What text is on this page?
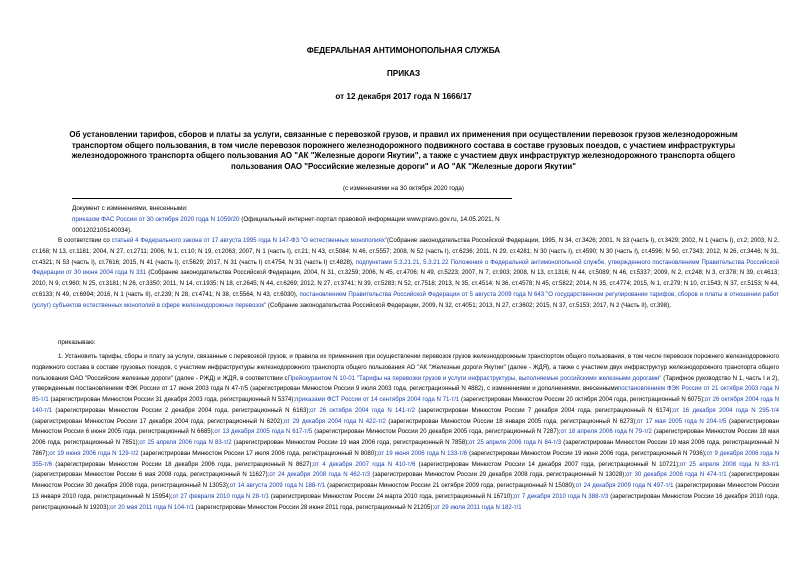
ФЕДЕРАЛЬНАЯ АНТИМОНОПОЛЬНАЯ СЛУЖБА
ПРИКАЗ
от 12 декабря 2017 года N 1666/17
Об установлении тарифов, сборов и платы за услуги, связанные с перевозкой грузов, и правил их применения при осуществлении перевозок грузов железнодорожным транспортом общего пользования, в том числе перевозок порожнего железнодорожного подвижного состава в составе грузовых поездов, с участием инфраструктуры железнодорожного транспорта общего пользования АО "АК "Железные дороги Якутии", а также с участием двух инфраструктур железнодорожного транспорта общего пользования ОАО "Российские железные дороги" и АО "АК "Железные дороги Якутии"
(с изменениями на 30 октября 2020 года)
Документ с изменениями, внесенными:
приказом ФАС России от 30 октября 2020 года N 1059/20 (Официальный интернет-портал правовой информации www.pravo.gov.ru, 14.05.2021, N 0001202105140034).
В соответствии со статьей 4 Федерального закона от 17 августа 1995 года N 147-ФЗ "О естественных монополиях"(Собрание законодательства Российской Федерации, 1995, N 34, ст.3426; 2001, N 33 (часть I), ст.3429; 2002, N 1 (часть I), ст.2; 2003, N 2, ст.168; N 13, ст.1181; 2004, N 27, ст.2711; 2006, N 1, ст.10; N 19, ст.2063; 2007, N 1 (часть I), ст.21; N 43, ст.5084; N 46, ст.5557; 2008, N 52 (часть I), ст.6236; 2011, N 29, ст.4281; N 30 (часть I), ст.4590; N 30 (часть I), ст.4596; N 50, ст.7343; 2012, N 26, ст.3446; N 31, ст.4321; N 53 (часть I), ст.7616; 2015, N 41 (часть I), ст.5629; 2017, N 31 (часть I) ст.4754, N 31 (часть I) ст.4828), подпунктами 5.3.21.21, 5.3.21.22 Положения о Федеральной антимонопольной службе, утвержденного постановлением Правительства Российской Федерации от 30 июня 2004 года N 331 (Собрание законодательства Российской Федерации, 2004, N 31, ст.3259; 2006, N 45, ст.4706; N 49, ст.5223; 2007, N 7, ст.903; 2008, N 13, ст.1316; N 44, ст.5089; N 46, ст.5337; 2009, N 2, ст.248; N 3, ст.378; N 39, ст.4613; 2010, N 9, ст.960; N 25, ст.3181; N 26, ст.3350; 2011, N 14, ст.1935; N 18, ст.2645; N 44, ст.6269; 2012, N 27, ст.3741; N 39, ст.5283; N 52, ст.7518; 2013, N 35, ст.4514; N 36, ст.4578; N 45, ст.5822; 2014, N 35, ст.4774; 2015, N 1, ст.279; N 10, ст.1543; N 37, ст.5153; N 44, ст.6133; N 49, ст.6994; 2016, N 1 (часть II), ст.239; N 28, ст.4741; N 38, ст.5564, N 43, ст.6030), постановлением Правительства Российской Федерации от 5 августа 2009 года N 643 "О государственном регулировании тарифов, сборов и платы в отношении работ (услуг) субъектов естественных монополий в сфере железнодорожных перевозок" (Собрание законодательства Российской Федерации, 2009, N 32, ст.4051; 2013, N 27, ст.3602; 2015, N 37, ст.5153; 2017, N 2 (Часть II), ст.398),
приказываю:
1. Установить тарифы, сборы и плату за услуги, связанные с перевозкой грузов, и правила их применения при осуществлении перевозок грузов железнодорожным транспортом общего пользования, в том числе перевозок порожнего железнодорожного подвижного состава в составе грузовых поездов, с участием инфраструктуры железнодорожного транспорта общего пользования АО "АК "Железные дороги Якутии" (далее - ЖДЯ), а также с участием двух инфраструктур железнодорожного транспорта общего пользования ОАО "Российские железные дороги" (далее - РЖД) и ЖДЯ, в соответствии сПрейскурантом N 10-01 "Тарифы на перевозки грузов и услуги инфраструктуры, выполняемые российскими железными дорогами" (Тарифное руководство N 1, часть I и 2), утвержденным постановлением ФЭК России от 17 июня 2003 года N 47-т/5 (зарегистрирован Минюстом России 9 июля 2003 года, регистрационный N 4882), с изменениями и дополнениями, внесеннымипостановлением ФЭК России от 21 октября 2003 года N 85-т/1 (зарегистрирован Минюстом России 31 декабря 2003 года, регистрационный N 5374);приказами ФСТ России от 14 сентября 2004 года N 71-т/1 (зарегистрирован Минюстом России 20 октября 2004 года, регистрационный N 6075);от 26 октября 2004 года N 140-т/1 (зарегистрирован Минюстом России 2 декабря 2004 года, регистрационный N 6163);от 26 октября 2004 года N 141-т/2 (зарегистрирован Минюстом России 7 декабря 2004 года, регистрационный N 6174);от 16 декабря 2004 года N 295-т/4 (зарегистрирован Минюстом России 17 декабря 2004 года, регистрационный N 6202);от 29 декабря 2004 года N 422-т/2 (зарегистрирован Минюстом России 18 января 2005 года, регистрационный N 6273);от 17 мая 2005 года N 204-т/5 (зарегистрирован Минюстом России 6 июня 2005 года, регистрационный N 6685);от 13 декабря 2005 года N 617-т/5 (зарегистрирован Минюстом России 20 декабря 2005 года, регистрационный N 7287);от 18 апреля 2006 года N 79-т/2 (зарегистрирован Минюстом России 18 мая 2006 года, регистрационный N 7851);от 25 апреля 2006 года N 83-т/2 (зарегистрирован Минюстом России 19 мая 2006 года, регистрационный N 7858);от 25 апреля 2006 года N 84-т/3 (зарегистрирован Минюстом России 19 мая 2006 года, регистрационный N 7867);от 19 июня 2006 года N 129-т/2 (зарегистрирован Минюстом России 17 июля 2006 года, регистрационный N 8080);от 19 июня 2006 года N 133-т/6 (зарегистрирован Минюстом России 19 июня 2006 года, регистрационный N 7936);от 9 декабря 2006 года N 355-т/6 (зарегистрирован Минюстом России 18 декабря 2006 года, регистрационный N 8627);от 4 декабря 2007 года N 410-т/6 (зарегистрирован Минюстом России 14 декабря 2007 года, регистрационный N 10721);от 25 апреля 2008 года N 83-т/1 (зарегистрирован Минюстом России 6 мая 2008 года, регистрационный N 11627);от 24 декабря 2008 года N 462-т/3 (зарегистрирован Минюстом России 29 декабря 2008 года, регистрационный N 13028);от 30 декабря 2008 года N 474-т/1 (зарегистрирован Минюстом России 30 декабря 2008 года, регистрационный N 13053);от 14 августа 2009 года N 188-т/1 (зарегистрирован Минюстом России 21 октября 2009 года, регистрационный N 15080);от 24 декабря 2009 года N 497-т/1 (зарегистрирован Минюстом России 13 января 2010 года, регистрационный N 15954);от 27 февраля 2010 года N 28-т/1 (зарегистрирован Минюстом России 24 марта 2010 года, регистрационный N 16710);от 7 декабря 2010 года N 388-т/3 (зарегистрирован Минюстом России 16 декабря 2010 года, регистрационный N 19203);от 20 мая 2011 года N 104-т/1 (зарегистрирован Минюстом России 28 июня 2011 года, регистрационный N 21205);от 29 июля 2011 года N 182-т/1
